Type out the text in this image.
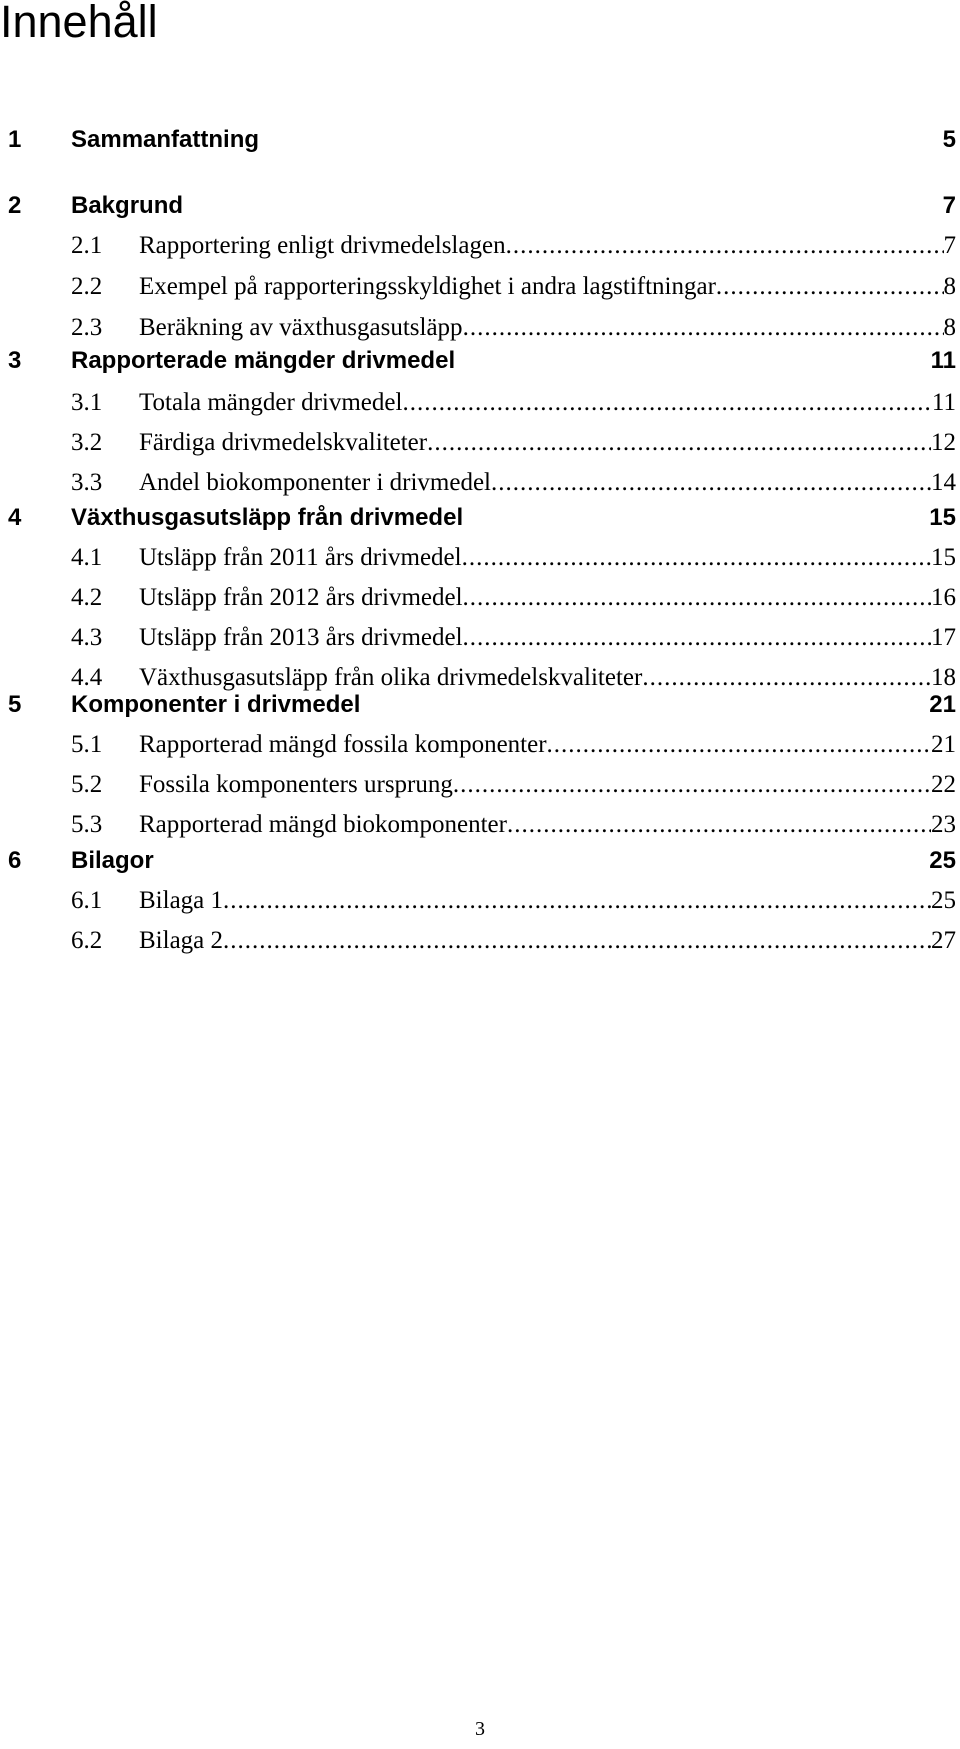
Innehåll
1 Sammanfattning	5
2 Bakgrund	7
2.1 Rapportering enligt drivmedelslagen .....	7
2.2 Exempel på rapporteringsskyldighet i andra lagstiftningar .....	8
2.3 Beräkning av växthusgasutsläpp .....	8
3 Rapporterade mängder drivmedel	11
3.1 Totala mängder drivmedel .....	11
3.2 Färdiga drivmedelskvaliteter .....	12
3.3 Andel biokomponenter i drivmedel .....	14
4 Växthusgasutsläpp från drivmedel	15
4.1 Utsläpp från 2011 års drivmedel .....	15
4.2 Utsläpp från 2012 års drivmedel .....	16
4.3 Utsläpp från 2013 års drivmedel .....	17
4.4 Växthusgasutsläpp från olika drivmedelskvaliteter .....	18
5 Komponenter i drivmedel	21
5.1 Rapporterad mängd fossila komponenter .....	21
5.2 Fossila komponenters ursprung .....	22
5.3 Rapporterad mängd biokomponenter .....	23
6 Bilagor	25
6.1 Bilaga 1 .....	25
6.2 Bilaga 2 .....	27
3
